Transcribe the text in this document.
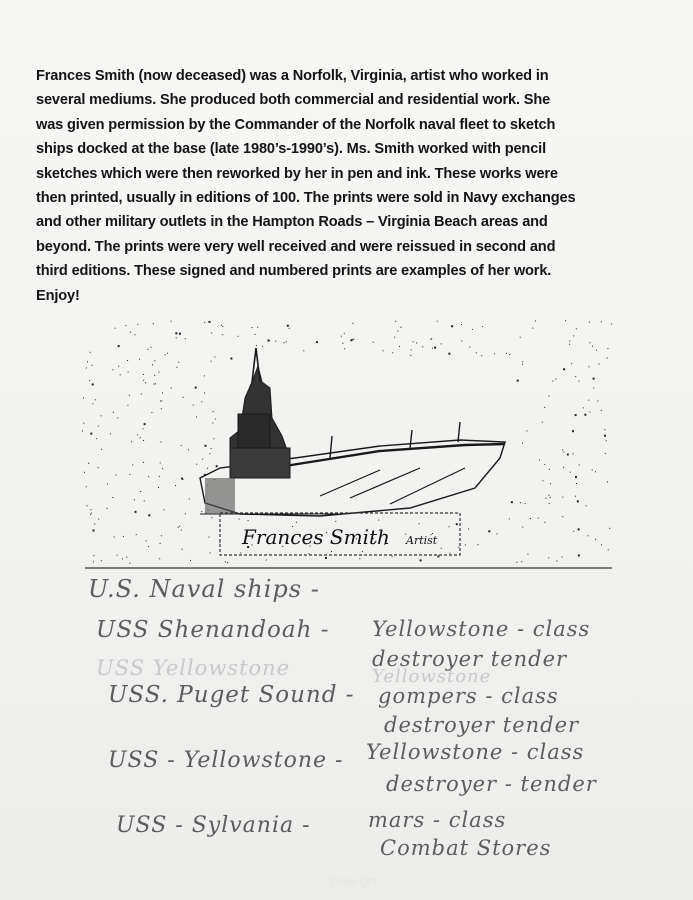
Frances Smith (now deceased) was a Norfolk, Virginia, artist who worked in
several mediums. She produced both commercial and residential work. She
was given permission by the Commander of the Norfolk naval fleet to sketch
ships docked at the base (late 1980’s-1990’s). Ms. Smith worked with pencil
sketches which were then reworked by her in pen and ink. These works were
then printed, usually in editions of 100. The prints were sold in Navy exchanges
and other military outlets in the Hampton Roads – Virginia Beach areas and
beyond. The prints were very well received and were reissued in second and
third editions. These signed and numbered prints are examples of her work.
Enjoy!
Frances Smith Artist
U.S. Naval ships -
USS Shenandoah - Yellowstone - class
destroyer tender
USS Yellowstone	Yellowstone
USS. Puget Sound - gompers - class
destroyer tender
USS - Yellowstone - Yellowstone - class
destroyer - tender
USS - Sylvania -	mars - class
Combat Stores
Copyright
